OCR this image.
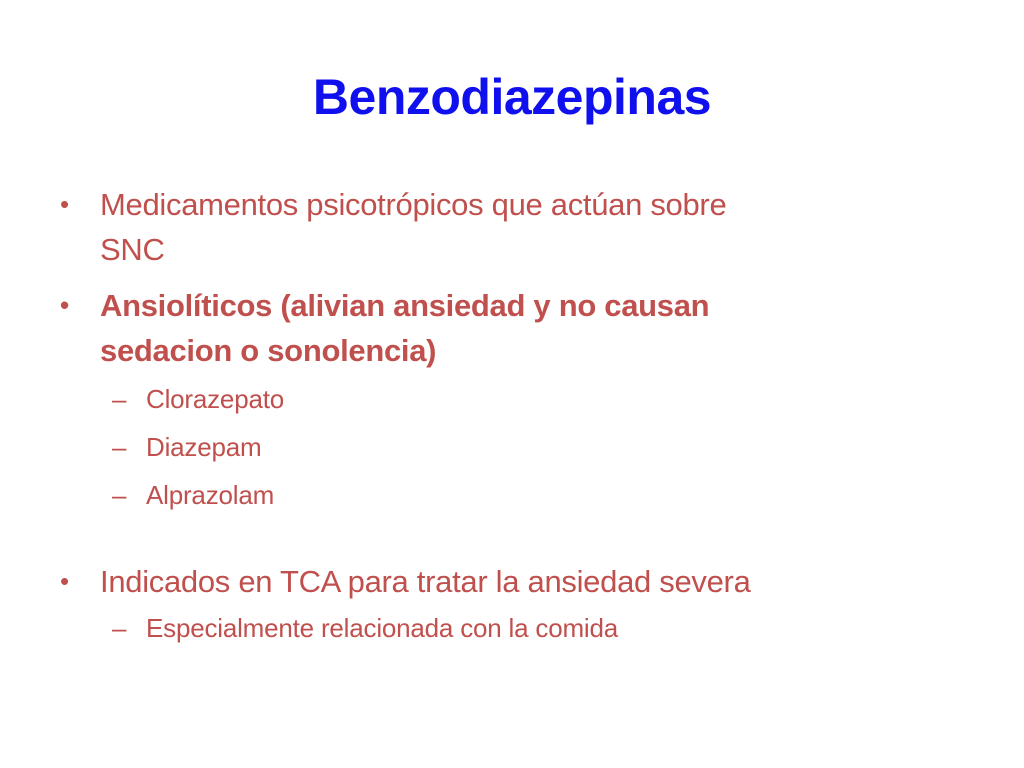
Benzodiazepinas
• Medicamentos psicotrópicos que actúan sobre
SNC
• Ansiolíticos (alivian ansiedad y no causan
sedacion o sonolencia)
– Clorazepato
– Diazepam
– Alprazolam
• Indicados en TCA para tratar la ansiedad severa
– Especialmente relacionada con la comida
